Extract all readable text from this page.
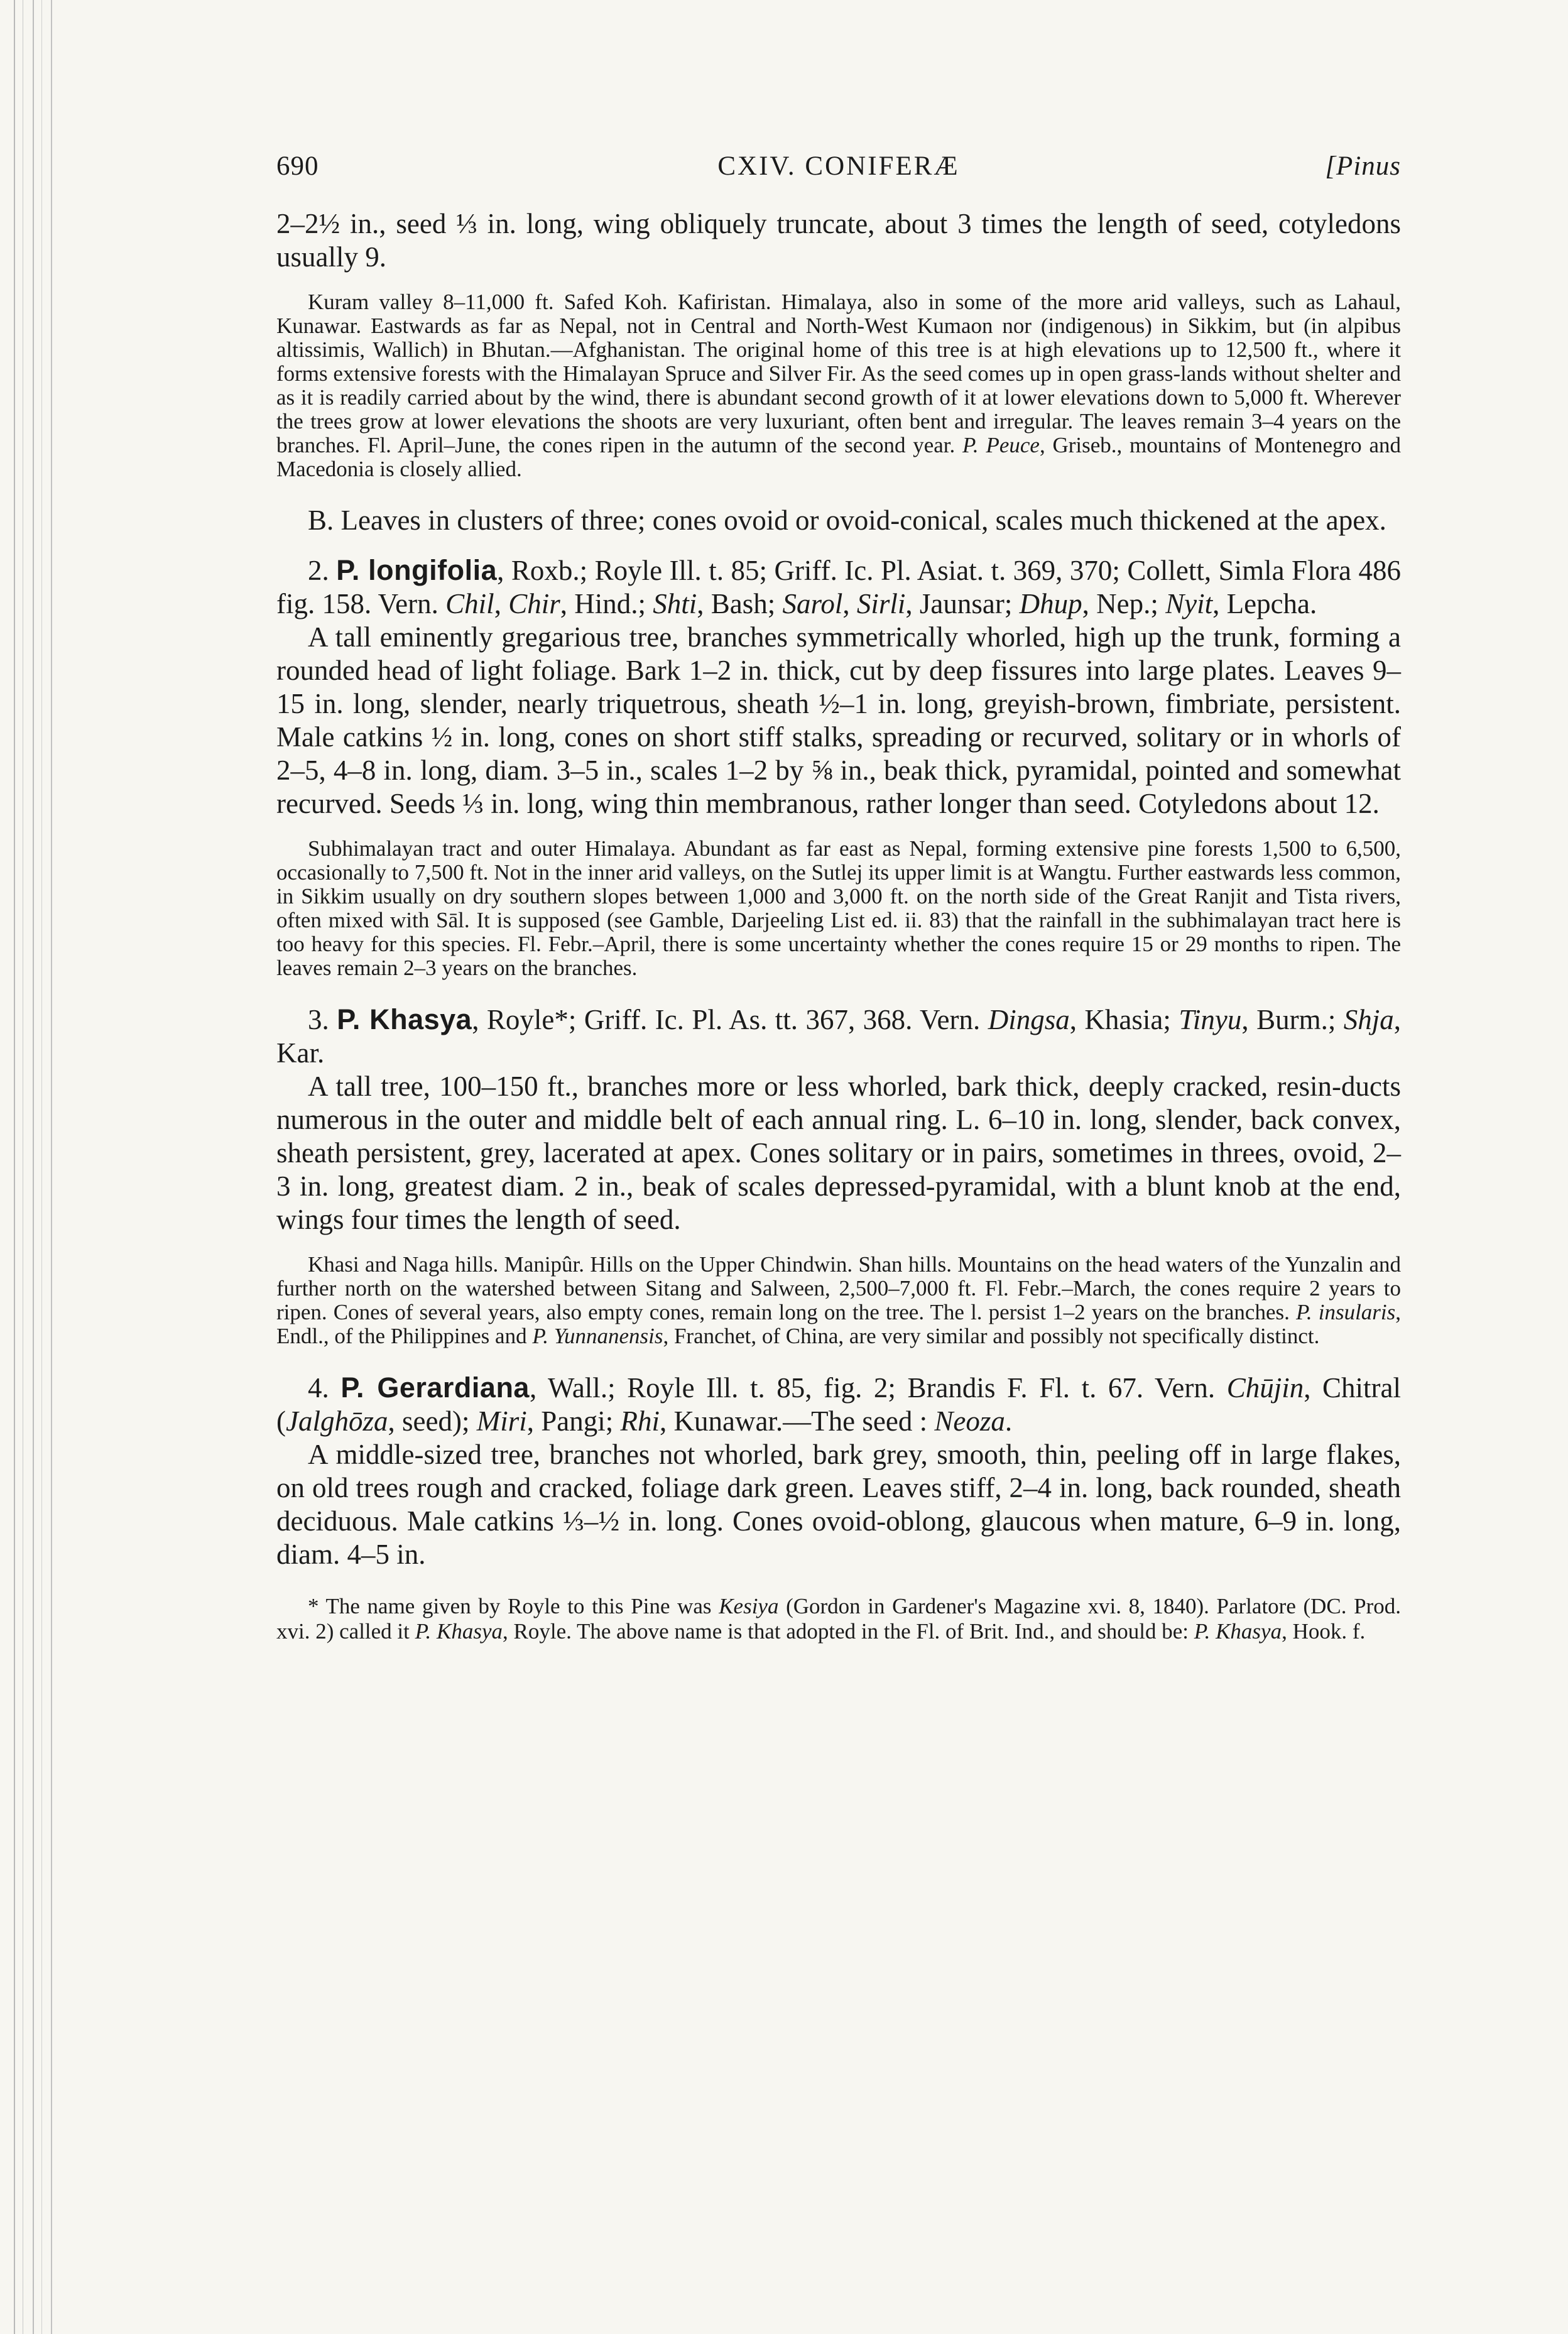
690	CXIV. CONIFERÆ	[Pinus

2–2½ in., seed ⅓ in. long, wing obliquely truncate, about 3 times the length of seed, cotyledons usually 9.

Kuram valley 8–11,000 ft. Safed Koh. Kafiristan. Himalaya, also in some of the more arid valleys, such as Lahaul, Kunawar. Eastwards as far as Nepal, not in Central and North-West Kumaon nor (indigenous) in Sikkim, but (in alpibus altissimis, Wallich) in Bhutan.—Afghanistan. The original home of this tree is at high elevations up to 12,500 ft., where it forms extensive forests with the Himalayan Spruce and Silver Fir. As the seed comes up in open grass-lands without shelter and as it is readily carried about by the wind, there is abundant second growth of it at lower elevations down to 5,000 ft. Wherever the trees grow at lower elevations the shoots are very luxuriant, often bent and irregular. The leaves remain 3–4 years on the branches. Fl. April–June, the cones ripen in the autumn of the second year. P. Peuce, Griseb., mountains of Montenegro and Macedonia is closely allied.

B. Leaves in clusters of three; cones ovoid or ovoid-conical, scales much thickened at the apex.

2. P. longifolia, Roxb.; Royle Ill. t. 85; Griff. Ic. Pl. Asiat. t. 369, 370; Collett, Simla Flora 486 fig. 158. Vern. Chil, Chir, Hind.; Shti, Bash; Sarol, Sirli, Jaunsar; Dhup, Nep.; Nyit, Lepcha.

A tall eminently gregarious tree, branches symmetrically whorled, high up the trunk, forming a rounded head of light foliage. Bark 1–2 in. thick, cut by deep fissures into large plates. Leaves 9–15 in. long, slender, nearly triquetrous, sheath ½–1 in. long, greyish-brown, fimbriate, persistent. Male catkins ½ in. long, cones on short stiff stalks, spreading or recurved, solitary or in whorls of 2–5, 4–8 in. long, diam. 3–5 in., scales 1–2 by ⅝ in., beak thick, pyramidal, pointed and somewhat recurved. Seeds ⅓ in. long, wing thin membranous, rather longer than seed. Cotyledons about 12.

Subhimalayan tract and outer Himalaya. Abundant as far east as Nepal, forming extensive pine forests 1,500 to 6,500, occasionally to 7,500 ft. Not in the inner arid valleys, on the Sutlej its upper limit is at Wangtu. Further eastwards less common, in Sikkim usually on dry southern slopes between 1,000 and 3,000 ft. on the north side of the Great Ranjit and Tista rivers, often mixed with Sāl. It is supposed (see Gamble, Darjeeling List ed. ii. 83) that the rainfall in the subhimalayan tract here is too heavy for this species. Fl. Febr.–April, there is some uncertainty whether the cones require 15 or 29 months to ripen. The leaves remain 2–3 years on the branches.

3. P. Khasya, Royle*; Griff. Ic. Pl. As. tt. 367, 368. Vern. Dingsa, Khasia; Tinyu, Burm.; Shja, Kar.

A tall tree, 100–150 ft., branches more or less whorled, bark thick, deeply cracked, resin-ducts numerous in the outer and middle belt of each annual ring. L. 6–10 in. long, slender, back convex, sheath persistent, grey, lacerated at apex. Cones solitary or in pairs, sometimes in threes, ovoid, 2–3 in. long, greatest diam. 2 in., beak of scales depressed-pyramidal, with a blunt knob at the end, wings four times the length of seed.

Khasi and Naga hills. Manipûr. Hills on the Upper Chindwin. Shan hills. Mountains on the head waters of the Yunzalin and further north on the watershed between Sitang and Salween, 2,500–7,000 ft. Fl. Febr.–March, the cones require 2 years to ripen. Cones of several years, also empty cones, remain long on the tree. The l. persist 1–2 years on the branches. P. insularis, Endl., of the Philippines and P. Yunnanensis, Franchet, of China, are very similar and possibly not specifically distinct.

4. P. Gerardiana, Wall.; Royle Ill. t. 85, fig. 2; Brandis F. Fl. t. 67. Vern. Chūjin, Chitral (Jalghōza, seed); Miri, Pangi; Rhi, Kunawar.—The seed : Neoza.

A middle-sized tree, branches not whorled, bark grey, smooth, thin, peeling off in large flakes, on old trees rough and cracked, foliage dark green. Leaves stiff, 2–4 in. long, back rounded, sheath deciduous. Male catkins ⅓–½ in. long. Cones ovoid-oblong, glaucous when mature, 6–9 in. long, diam. 4–5 in.

* The name given by Royle to this Pine was Kesiya (Gordon in Gardener's Magazine xvi. 8, 1840). Parlatore (DC. Prod. xvi. 2) called it P. Khasya, Royle. The above name is that adopted in the Fl. of Brit. Ind., and should be: P. Khasya, Hook. f.
